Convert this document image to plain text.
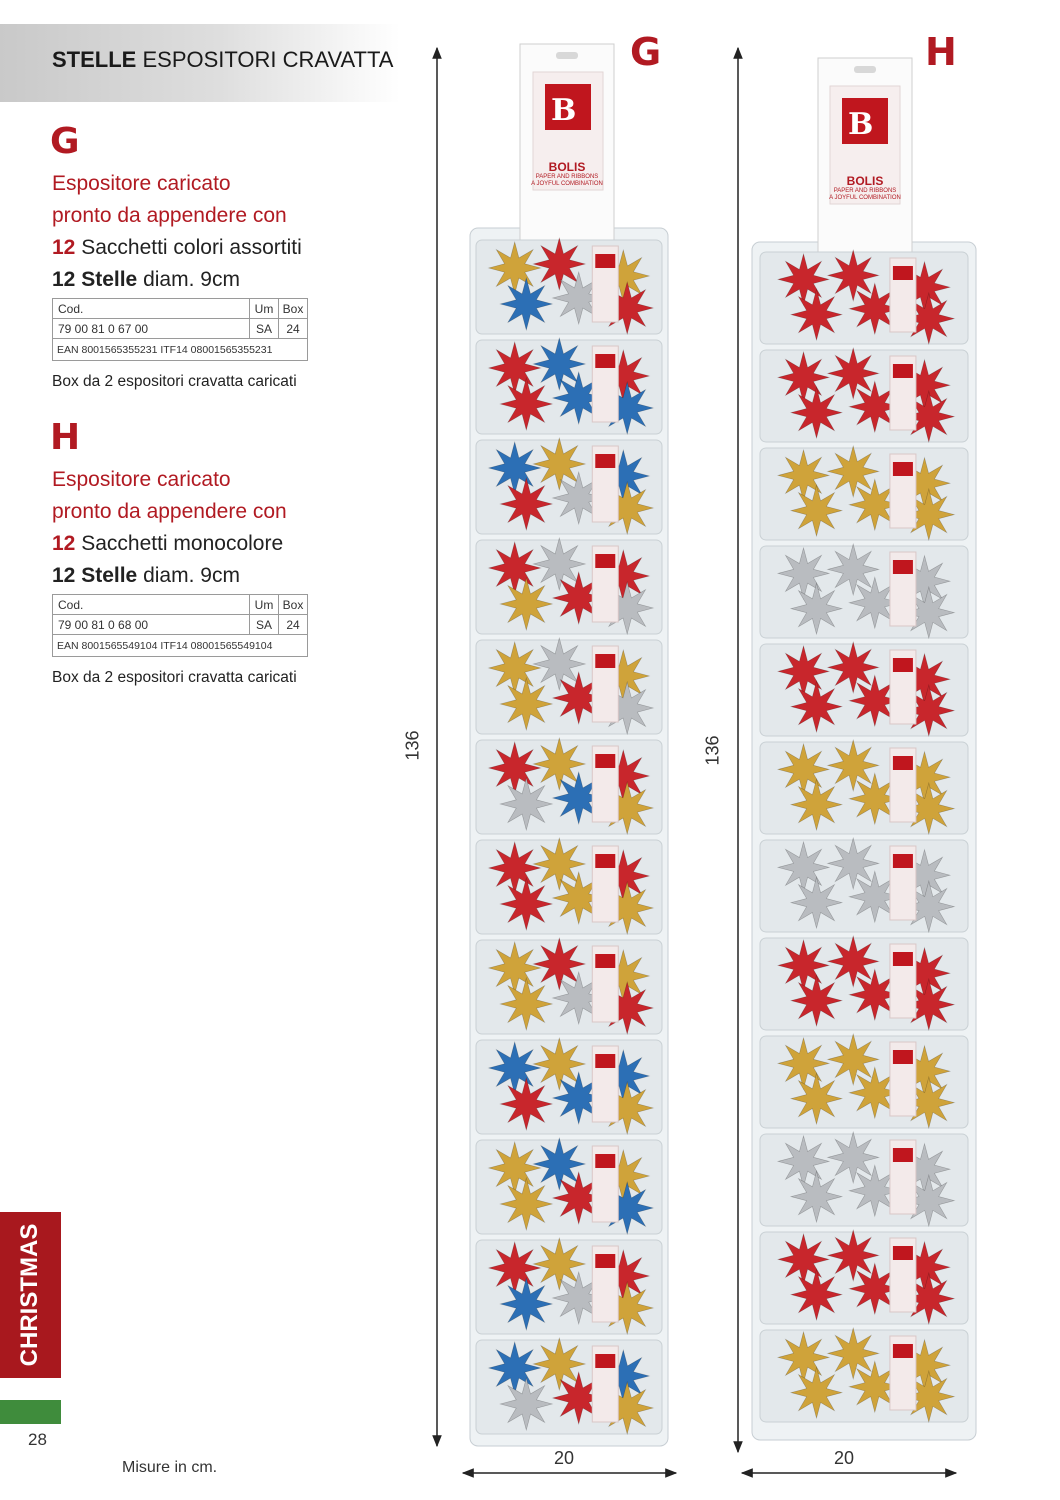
STELLE ESPOSITORI CRAVATTA
G
Espositore caricato
pronto da appendere con
12 Sacchetti colori assortiti
12 Stelle diam. 9cm
Cod.	Um	Box
79 00 81 0 67 00	SA	24
EAN 8001565355231 ITF14 08001565355231		
Box da 2 espositori cravatta caricati
H
Espositore caricato
pronto da appendere con
12 Sacchetti monocolore
12 Stelle diam. 9cm
Cod.	Um	Box
79 00 81 0 68 00	SA	24
EAN 8001565549104 ITF14 08001565549104		
Box da 2 espositori cravatta caricati
CHRISTMAS
28
Misure in cm.
B	B
G	H
20	20
136	136
BOLIS
PAPER AND RIBBONS
A JOYFUL COMBINATION	BOLIS
PAPER AND RIBBONS
A JOYFUL COMBINATION
